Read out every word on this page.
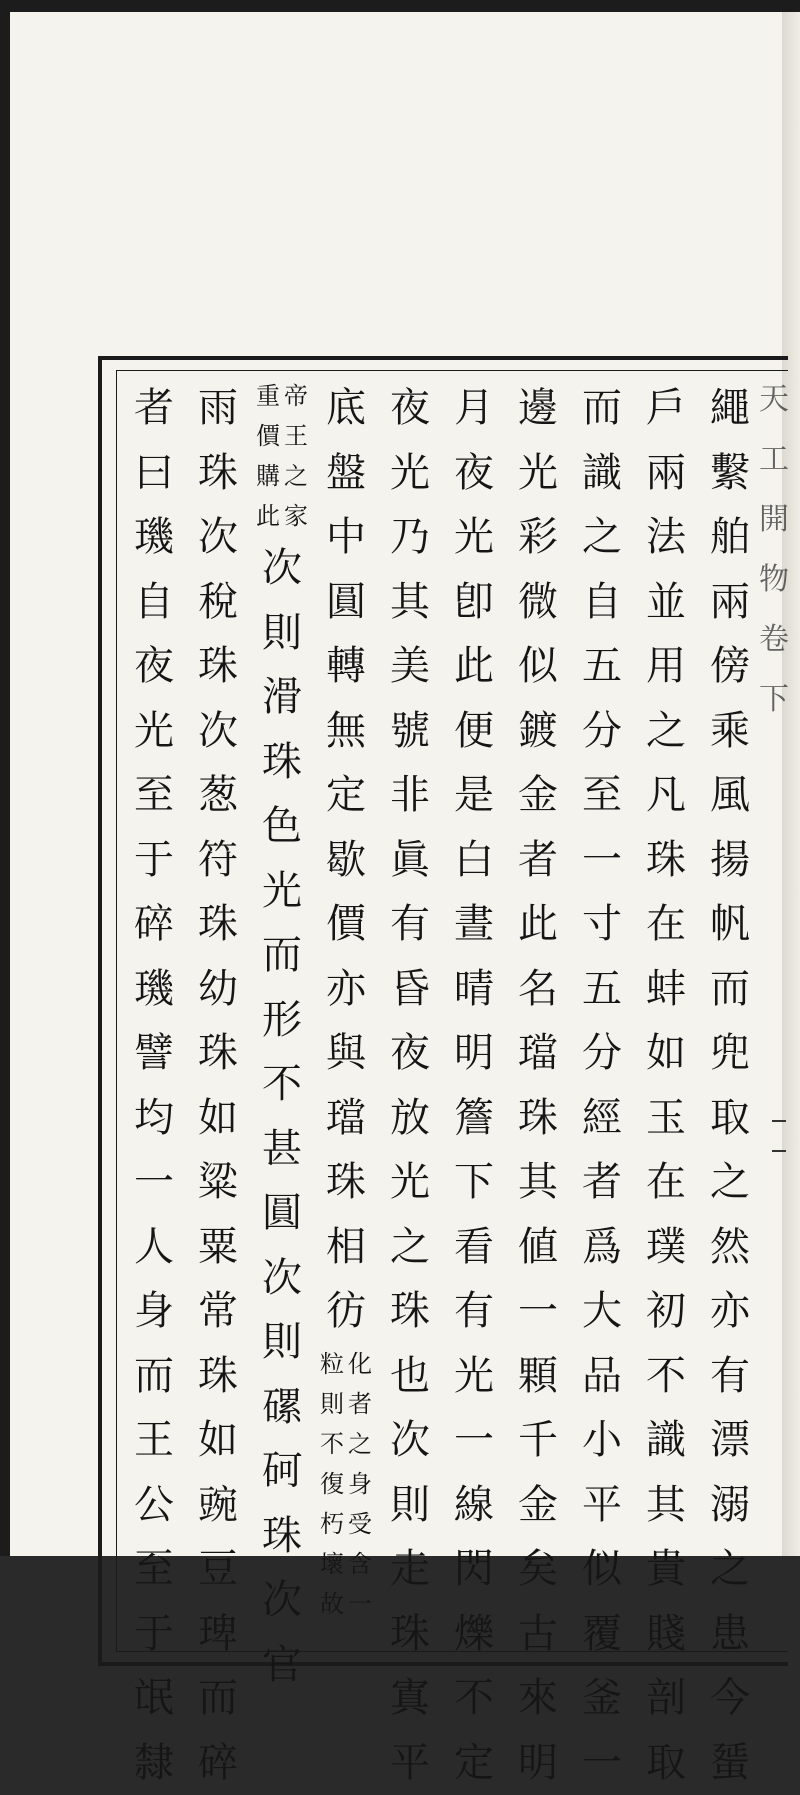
天
工
開
物
卷
下
繩
繫
舶
兩
傍
乘
風
揚
帆
而
兜
取
之
然
亦
有
漂
溺
之
患
今
蜑
戶
兩
法
並
用
之
凡
珠
在
蚌
如
玉
在
璞
初
不
識
其
貴
賤
剖
取
而
識
之
自
五
分
至
一
寸
五
分
經
者
爲
大
品
小
平
似
覆
釜
一
邊
光
彩
微
似
鍍
金
者
此
名
璫
珠
其
値
一
顆
千
金
矣
古
來
明
月
夜
光
卽
此
便
是
白
晝
晴
明
簷
下
看
有
光
一
線
閃
爍
不
定
夜
光
乃
其
美
號
非
眞
有
昏
夜
放
光
之
珠
也
次
則
走
珠
寘
平
底
盤
中
圓
轉
無
定
歇
價
亦
與
璫
珠
相
彷
化
者
之
身
受
含
一
粒
則
不
復
朽
壞
故
帝
王
之
家
重
價
購
此
次
則
滑
珠
色
光
而
形
不
甚
圓
次
則
磥
砢
珠
次
官
雨
珠
次
稅
珠
次
葱
符
珠
幼
珠
如
粱
粟
常
珠
如
豌
豆
琕
而
碎
者
曰
璣
自
夜
光
至
于
碎
璣
譬
均
一
人
身
而
王
公
至
于
氓
隸
